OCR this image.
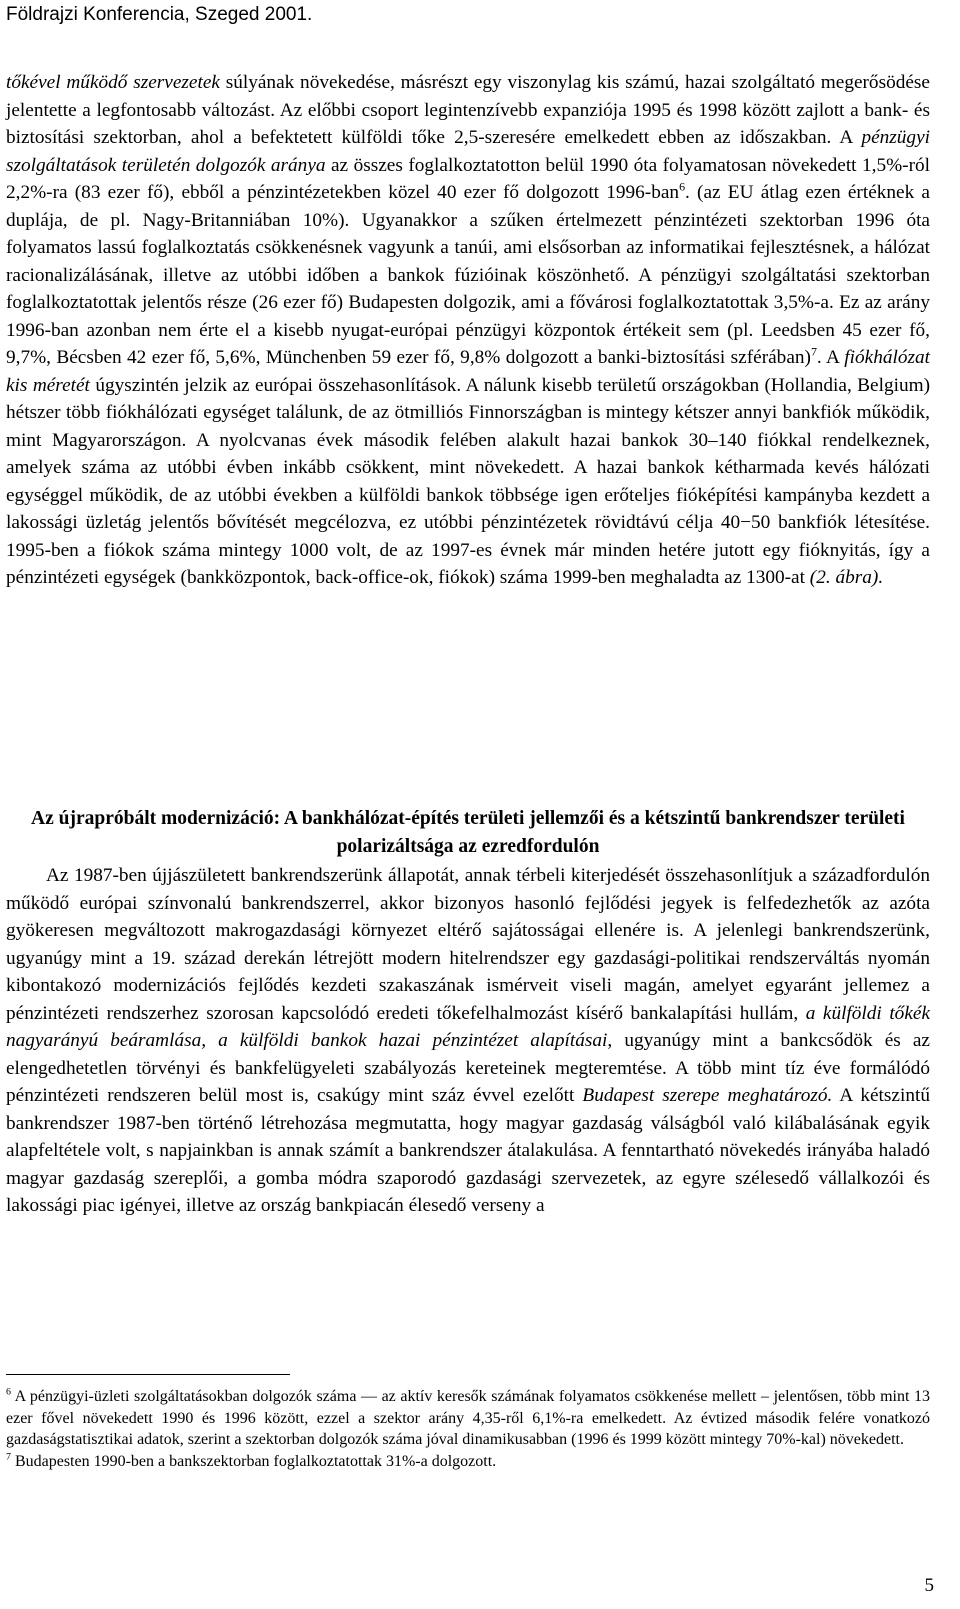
Földrajzi Konferencia, Szeged 2001.

tőkével működő szervezetek súlyának növekedése, másrészt egy viszonylag kis számú, hazai szolgáltató megerősödése jelentette a legfontosabb változást. Az előbbi csoport legintenzívebb expanziója 1995 és 1998 között zajlott a bank- és biztosítási szektorban, ahol a befektetett külföldi tőke 2,5-szeresére emelkedett ebben az időszakban. A pénzügyi szolgáltatások területén dolgozók aránya az összes foglalkoztatotton belül 1990 óta folyamatosan növekedett 1,5%-ról 2,2%-ra (83 ezer fő), ebből a pénzintézetekben közel 40 ezer fő dolgozott 1996-ban$^6$. (az EU átlag ezen értéknek a duplája, de pl. Nagy-Britanniában 10%). Ugyanakkor a szűken értelmezett pénzintézeti szektorban 1996 óta folyamatos lassú foglalkoztatás csökkenésnek vagyunk a tanúi, ami elsősorban az informatikai fejlesztésnek, a hálózat racionalizálásának, illetve az utóbbi időben a bankok fúzióinak köszönhető. A pénzügyi szolgáltatási szektorban foglalkoztatottak jelentős része (26 ezer fő) Budapesten dolgozik, ami a fővárosi foglalkoztatottak 3,5%-a. Ez az arány 1996-ban azonban nem érte el a kisebb nyugat-európai pénzügyi központok értékeit sem (pl. Leedsben 45 ezer fő, 9,7%, Bécsben 42 ezer fő, 5,6%, Münchenben 59 ezer fő, 9,8% dolgozott a banki-biztosítási szférában)$^7$. A fiókhálózat kis méretét úgyszintén jelzik az európai összehasonlítások. A nálunk kisebb területű országokban (Hollandia, Belgium) hétszer több fiókhálózati egységet találunk, de az ötmilliós Finnországban is mintegy kétszer annyi bankfiók működik, mint Magyarországon. A nyolcvanas évek második felében alakult hazai bankok 30–140 fiókkal rendelkeznek, amelyek száma az utóbbi évben inkább csökkent, mint növekedett. A hazai bankok kétharmada kevés hálózati egységgel működik, de az utóbbi években a külföldi bankok többsége igen erőteljes fióképítési kampányba kezdett a lakossági üzletág jelentős bővítését megcélozva, ez utóbbi pénzintézetek rövidtávú célja 40−50 bankfiók létesítése. 1995-ben a fiókok száma mintegy 1000 volt, de az 1997-es évnek már minden hetére jutott egy fióknyitás, így a pénzintézeti egységek (bankközpontok, back-office-ok, fiókok) száma 1999-ben meghaladta az 1300-at (2. ábra).

Az újrapróbált modernizáció: A bankhálózat-építés területi jellemzői és a kétszintű bankrendszer területi polarizáltsága az ezredfordulón

Az 1987-ben újjászületett bankrendszerünk állapotát, annak térbeli kiterjedését összehasonlítjuk a századfordulón működő európai színvonalú bankrendszerrel, akkor bizonyos hasonló fejlődési jegyek is felfedezhetők az azóta gyökeresen megváltozott makrogazdasági környezet eltérő sajátosságai ellenére is. A jelenlegi bankrendszerünk, ugyanúgy mint a 19. század derekán létrejött modern hitelrendszer egy gazdasági-politikai rendszerváltás nyomán kibontakozó modernizációs fejlődés kezdeti szakaszának ismérveit viseli magán, amelyet egyaránt jellemez a pénzintézeti rendszerhez szorosan kapcsolódó eredeti tőkefelhalmozást kísérő bankalapítási hullám, a külföldi tőkék nagyarányú beáramlása, a külföldi bankok hazai pénzintézet alapításai, ugyanúgy mint a bankcsődök és az elengedhetetlen törvényi és bankfelügyeleti szabályozás kereteinek megteremtése. A több mint tíz éve formálódó pénzintézeti rendszeren belül most is, csakúgy mint száz évvel ezelőtt Budapest szerepe meghatározó. A kétszintű bankrendszer 1987-ben történő létrehozása megmutatta, hogy magyar gazdaság válságból való kilábalásának egyik alapfeltétele volt, s napjainkban is annak számít a bankrendszer átalakulása. A fenntartható növekedés irányába haladó magyar gazdaság szereplői, a gomba módra szaporodó gazdasági szervezetek, az egyre szélesedő vállalkozói és lakossági piac igényei, illetve az ország bankpiacán élesedő verseny a

$^6$ A pénzügyi-üzleti szolgáltatásokban dolgozók száma — az aktív keresők számának folyamatos csökkenése mellett – jelentősen, több mint 13 ezer fővel növekedett 1990 és 1996 között, ezzel a szektor arány 4,35-ről 6,1%-ra emelkedett. Az évtized második felére vonatkozó gazdaságstatisztikai adatok, szerint a szektorban dolgozók száma jóval dinamikusabban (1996 és 1999 között mintegy 70%-kal) növekedett.

$^7$ Budapesten 1990-ben a bankszektorban foglalkoztatottak 31%-a dolgozott.

5
